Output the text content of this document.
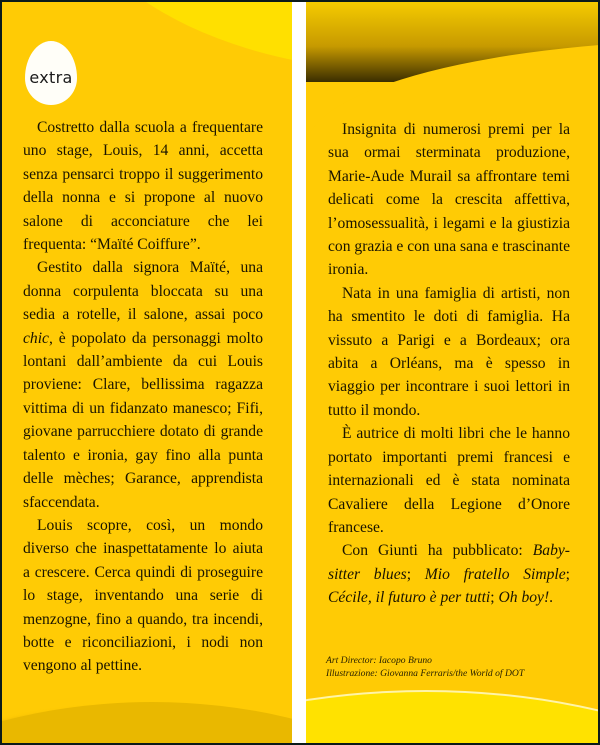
extra

Costretto dalla scuola a frequentare uno stage, Louis, 14 anni, accetta senza pensarci troppo il suggerimento della nonna e si propone al nuovo salone di acconciature che lei frequenta: “Maïté Coiffure”.

Gestito dalla signora Maïté, una donna corpulenta bloccata su una sedia a rotelle, il salone, assai poco chic, è popolato da personaggi molto lontani dall’ambiente da cui Louis proviene: Clare, bellissima ragazza vittima di un fidanzato manesco; Fifi, giovane parrucchiere dotato di grande talento e ironia, gay fino alla punta delle mèches; Garance, apprendista sfaccendata.

Louis scopre, così, un mondo diverso che inaspettatamente lo aiuta a crescere. Cerca quindi di proseguire lo stage, inventando una serie di menzogne, fino a quando, tra incendi, botte e riconciliazioni, i nodi non vengono al pettine.

Insignita di numerosi premi per la sua ormai sterminata produzione, Marie-Aude Murail sa affrontare temi delicati come la crescita affettiva, l’omosessualità, i legami e la giustizia con grazia e con una sana e trascinante ironia.

Nata in una famiglia di artisti, non ha smentito le doti di famiglia. Ha vissuto a Parigi e a Bordeaux; ora abita a Orléans, ma è spesso in viaggio per incontrare i suoi lettori in tutto il mondo.

È autrice di molti libri che le hanno portato importanti premi francesi e internazionali ed è stata nominata Cavaliere della Legione d’Onore francese.

Con Giunti ha pubblicato: Baby-sitter blues; Mio fratello Simple; Cécile, il futuro è per tutti; Oh boy!.

Art Director: Iacopo Bruno
Illustrazione: Giovanna Ferraris/the World of DOT
